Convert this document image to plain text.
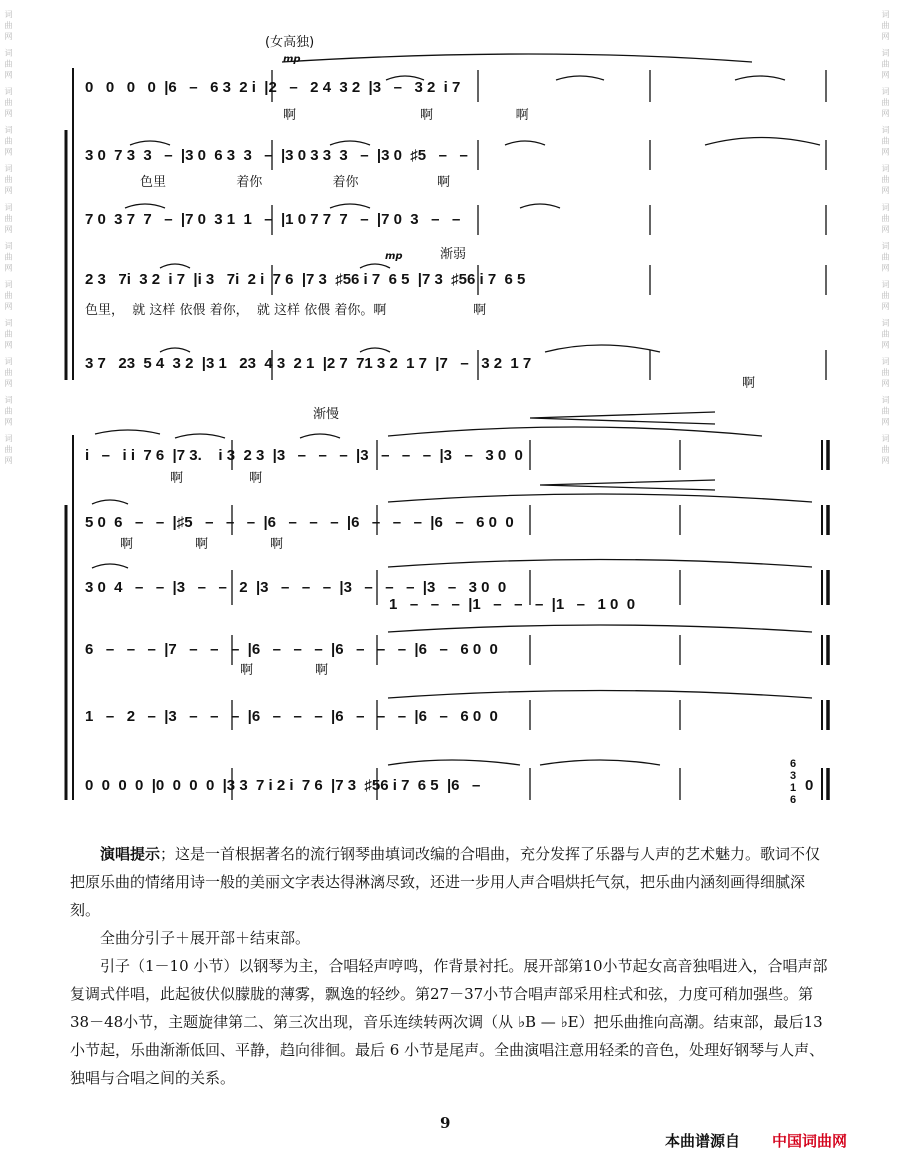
词曲网 词曲网 词曲网 词曲网 词曲网 词曲网 词曲网 词曲网 词曲网 词曲网 词曲网 词曲网	词曲网 词曲网 词曲网 词曲网 词曲网 词曲网 词曲网 词曲网 词曲网 词曲网 词曲网 词曲网
(女高独)
mp
mp	渐弱
渐慢
0   0   0   0  |6   –   6 3  2 i  |2   –   2 4  3 2  |3   –   3 2  i 7
啊                              啊                    啊
3 0  7 3  3   –  |3 0  6 3  3   –  |3 0 3 3  3   –  |3 0  ♯5   –   –
色里                 着你                 着你                   啊
7 0  3 7  7   –  |7 0  3 1  1   –  |1 0 7 7  7   –  |7 0  3   –   –
2 3   7i  3 2  i 7  |i 3   7i  2 i  7 6  |7 3  ♯56 i 7  6 5  |7 3  ♯56 i 7  6 5
色里，  就 这样 依偎 着你，  就 这样 依偎 着你。啊                     啊
3 7   23  5 4  3 2  |3 1   23  4 3  2 1  |2 7  71 3 2  1 7  |7   –   3 2  1 7
啊
i   –   i i  7 6  |7 3.    i 3  2 3  |3   –   –   –  |3   –   –   –  |3   –   3 0  0
啊                啊
5 0  6   –   –  |♯5   –   –   –  |6   –   –   –  |6   –   –   –  |6   –   6 0  0
啊               啊               啊
3 0  4   –   –  |3   –   –   2  |3   –   –   –  |3   –   –   –  |3   –   3 0  0
1   –   –   –  |1   –   –   –  |1   –   1 0  0
6   –   –   –  |7   –   –   –  |6   –   –   –  |6   –   –   –  |6   –   6 0  0
啊               啊
1   –   2   –  |3   –   –   –  |6   –   –   –  |6   –   –   –  |6   –   6 0  0
0  0  0  0  |0  0  0  0  |3 3  7 i 2 i  7 6  |7 3  ♯56 i 7  6 5  |6   –
6 3 1 6
0
演唱提示；这是一首根据著名的流行钢琴曲填词改编的合唱曲，充分发挥了乐器与人声的艺术魅力。歌词不仅把原乐曲的情绪用诗一般的美丽文字表达得淋漓尽致，还进一步用人声合唱烘托气氛，把乐曲内涵刻画得细腻深刻。
全曲分引子＋展开部＋结束部。
引子（1－10 小节）以钢琴为主，合唱轻声哼鸣，作背景衬托。展开部第10小节起女高音独唱进入，合唱声部复调式伴唱，此起彼伏似朦胧的薄雾，飘逸的轻纱。第27－37小节合唱声部采用柱式和弦，力度可稍加强些。第38－48小节，主题旋律第二、第三次出现，音乐连续转两次调（从 ♭B — ♭E）把乐曲推向高潮。结束部，最后13小节起，乐曲渐渐低回、平静，趋向徘徊。最后 6 小节是尾声。全曲演唱注意用轻柔的音色，处理好钢琴与人声、独唱与合唱之间的关系。
9
本曲谱源自 中国词曲网
